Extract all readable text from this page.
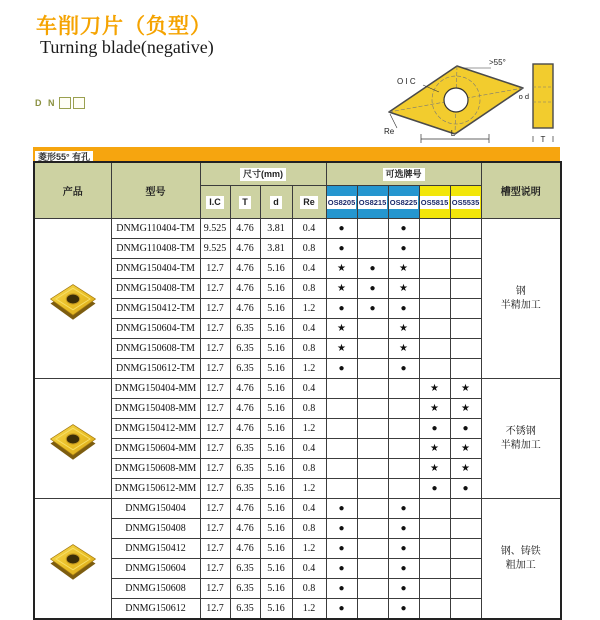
车削刀片（负型）
Turning blade(negative)
D N
O I C
>55°
Re	L
o d
T
菱形55° 有孔
产品	型号	尺寸(mm)				可选牌号					槽型说明
		I.C	T	d	Re	OS8205	OS8215	OS8225	OS5815	OS5535	

	DNMG110404-TM	9.525	4.76	3.81	0.4	●		●			钢
半精加工

	DNMG110408-TM	9.525	4.76	3.81	0.8	●		●			
	DNMG150404-TM	12.7	4.76	5.16	0.4	★	●	★			
	DNMG150408-TM	12.7	4.76	5.16	0.8	★	●	★			
	DNMG150412-TM	12.7	4.76	5.16	1.2	●	●	●			
	DNMG150604-TM	12.7	6.35	5.16	0.4	★		★			
	DNMG150608-TM	12.7	6.35	5.16	0.8	★		★			
	DNMG150612-TM	12.7	6.35	5.16	1.2	●		●			

	DNMG150404-MM	12.7	4.76	5.16	0.4				★	★	不锈钢
半精加工

	DNMG150408-MM	12.7	4.76	5.16	0.8				★	★	
	DNMG150412-MM	12.7	4.76	5.16	1.2				●	●	
	DNMG150604-MM	12.7	6.35	5.16	0.4				★	★	
	DNMG150608-MM	12.7	6.35	5.16	0.8				★	★	
	DNMG150612-MM	12.7	6.35	5.16	1.2				●	●	

	DNMG150404	12.7	4.76	5.16	0.4	●		●			钢、铸铁
粗加工

	DNMG150408	12.7	4.76	5.16	0.8	●		●			
	DNMG150412	12.7	4.76	5.16	1.2	●		●			
	DNMG150604	12.7	6.35	5.16	0.4	●		●			
	DNMG150608	12.7	6.35	5.16	0.8	●		●			
	DNMG150612	12.7	6.35	5.16	1.2	●		●			
